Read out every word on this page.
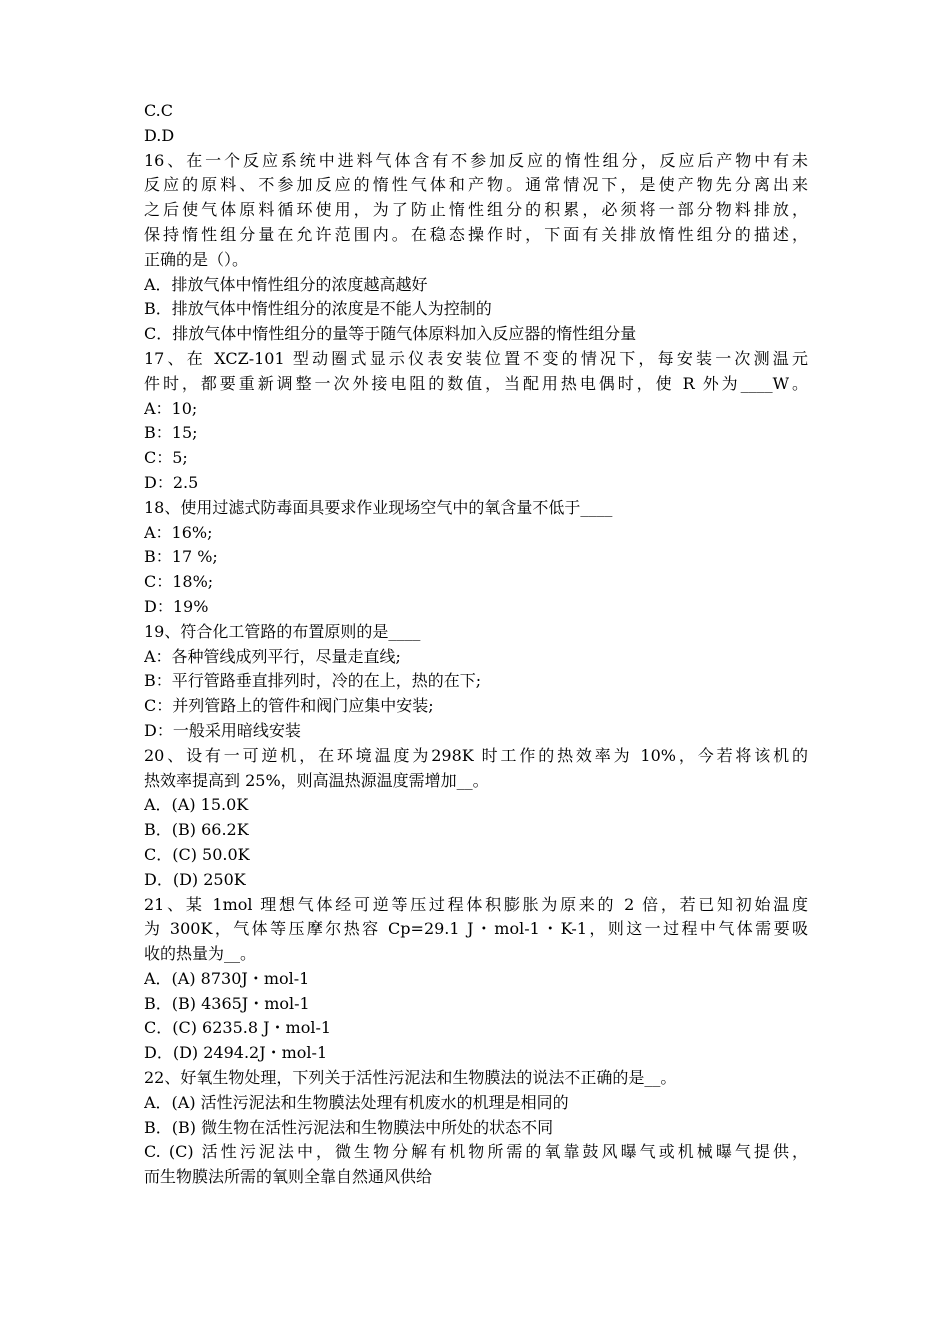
C.C
D.D
16、在一个反应系统中进料气体含有不参加反应的惰性组分，反应后产物中有未
反应的原料、不参加反应的惰性气体和产物。通常情况下，是使产物先分离出来
之后使气体原料循环使用，为了防止惰性组分的积累，必须将一部分物料排放，
保持惰性组分量在允许范围内。在稳态操作时，下面有关排放惰性组分的描述，
正确的是（）。
A．排放气体中惰性组分的浓度越高越好
B．排放气体中惰性组分的浓度是不能人为控制的
C．排放气体中惰性组分的量等于随气体原料加入反应器的惰性组分量
17、在 XCZ-101 型动圈式显示仪表安装位置不变的情况下，每安装一次测温元
件时，都要重新调整一次外接电阻的数值，当配用热电偶时，使 R 外为____W。
A：10;
B：15;
C：5;
D：2.5
18、使用过滤式防毒面具要求作业现场空气中的氧含量不低于____
A：16%;
B：17 %;
C：18%;
D：19%
19、符合化工管路的布置原则的是____
A：各种管线成列平行，尽量走直线;
B：平行管路垂直排列时，冷的在上，热的在下;
C：并列管路上的管件和阀门应集中安装;
D：一般采用暗线安装
20、设有一可逆机，在环境温度为298K 时工作的热效率为 10%，今若将该机的
热效率提高到 25%，则高温热源温度需增加__。
A．(A) 15.0K
B．(B) 66.2K
C．(C) 50.0K
D．(D) 250K
21、某 1mol 理想气体经可逆等压过程体积膨胀为原来的 2 倍，若已知初始温度
为 300K，气体等压摩尔热容 Cp=29.1 J・mol-1・K-1，则这一过程中气体需要吸
收的热量为__。
A．(A) 8730J・mol-1
B．(B) 4365J・mol-1
C．(C) 6235.8 J・mol-1
D．(D) 2494.2J・mol-1
22、好氧生物处理，下列关于活性污泥法和生物膜法的说法不正确的是__。
A．(A) 活性污泥法和生物膜法处理有机废水的机理是相同的
B．(B) 微生物在活性污泥法和生物膜法中所处的状态不同
C. (C) 活性污泥法中，微生物分解有机物所需的氧靠鼓风曝气或机械曝气提供，
而生物膜法所需的氧则全靠自然通风供给
